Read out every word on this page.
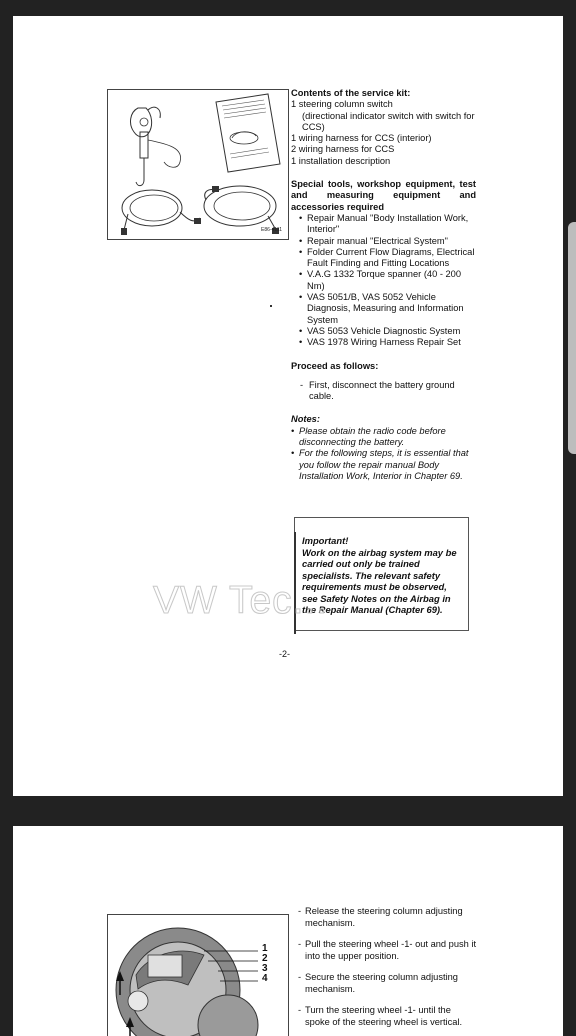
E86-4111
Contents of the service kit:
1 steering column switch
(directional indicator switch with switch for CCS)
1 wiring harness for CCS (interior)
2 wiring harness for CCS
1 installation description
Special tools, workshop equipment, test and measuring equipment and accessories required
• Repair Manual "Body Installation Work, Interior"
• Repair manual "Electrical System"
• Folder Current Flow Diagrams, Electrical Fault Finding and Fitting Locations
• V.A.G 1332 Torque spanner (40 - 200 Nm)
• VAS 5051/B, VAS 5052 Vehicle Diagnosis, Measuring and Information System
• VAS 5053 Vehicle Diagnostic System
• VAS 1978 Wiring Harness Repair Set
Proceed as follows:
- First, disconnect the battery ground cable.
Notes:
• Please obtain the radio code before disconnecting the battery.
• For the following steps, it is essential that you follow the repair manual Body Installation Work, Interior in Chapter 69.
Important!
Work on the airbag system may be carried out only be trained specialists. The relevant safety requirements must be observed, see Safety Notes on the Airbag in the Repair Manual (Chapter 69).
VW Tec...
-2-
1
2
3
4
- Release the steering column adjusting mechanism.
- Pull the steering wheel -1- out and push it into the upper position.
- Secure the steering column adjusting mechanism.
- Turn the steering wheel -1- until the spoke of the steering wheel is vertical.
